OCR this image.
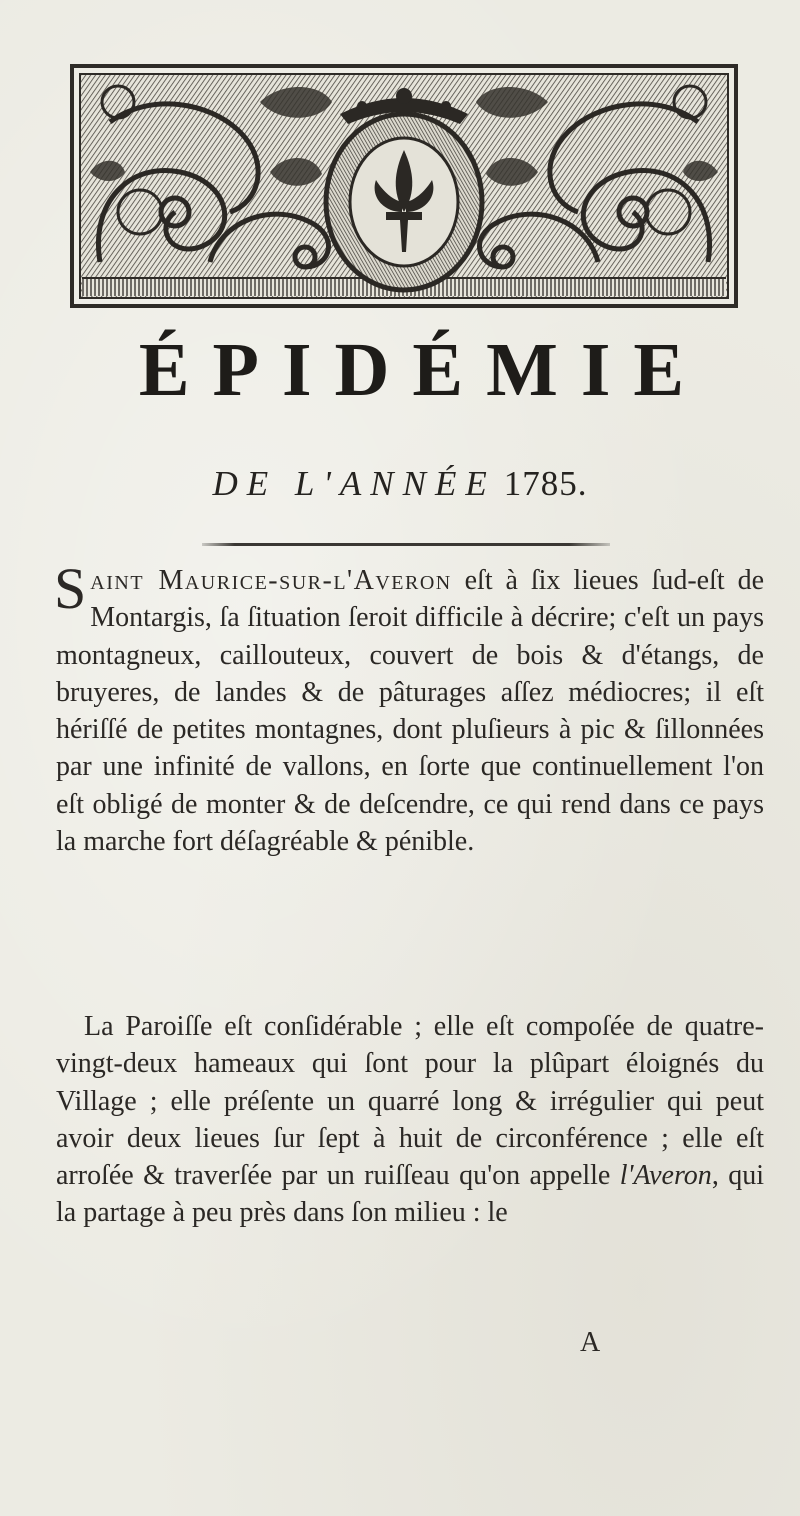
ÉPIDÉMIE
DE L'ANNÉE 1785.
Saint Maurice-sur-l'Averon eſt à ſix lieues ſud-eſt de Montargis, ſa ſituation ſeroit difficile à décrire; c'eſt un pays montagneux, caillouteux, couvert de bois & d'étangs, de bruyeres, de landes & de pâturages aſſez médiocres; il eſt hériſſé de petites montagnes, dont pluſieurs à pic & ſillonnées par une infinité de vallons, en ſorte que continuellement l'on eſt obligé de monter & de deſcendre, ce qui rend dans ce pays la marche fort déſagréable & pénible.
La Paroiſſe eſt conſidérable ; elle eſt compoſée de quatre-vingt-deux hameaux qui ſont pour la plûpart éloignés du Village ; elle préſente un quarré long & irrégulier qui peut avoir deux lieues ſur ſept à huit de circonférence ; elle eſt arroſée & traverſée par un ruiſſeau qu'on appelle l'Averon, qui la partage à peu près dans ſon milieu : le
A
